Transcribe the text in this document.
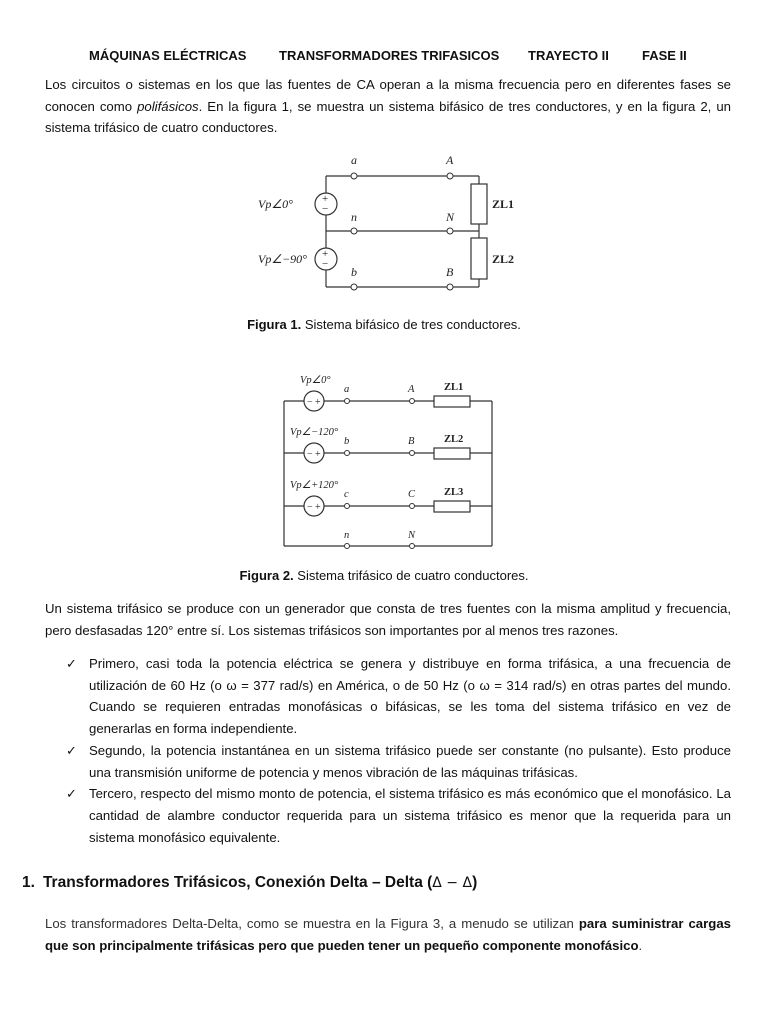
MÁQUINAS ELÉCTRICAS	TRANSFORMADORES TRIFASICOS TRAYECTO II	FASE II
Los circuitos o sistemas en los que las fuentes de CA operan a la misma frecuencia pero en diferentes fases se conocen como polifásicos. En la figura 1, se muestra un sistema bifásico de tres conductores, y en la figura 2, un sistema trifásico de cuatro conductores.
+
−
+
−
Vp∠0°
Vp∠−90°
a
n
b
A
N
B
ZL1
ZL2
Figura 1. Sistema bifásico de tres conductores.
− +
− +
− +
Vp∠0°
Vp∠−120°
Vp∠+120°
a
b
c
n
A
B
C
N
ZL1
ZL2
ZL3
Figura 2. Sistema trifásico de cuatro conductores.
Un sistema trifásico se produce con un generador que consta de tres fuentes con la misma amplitud y frecuencia, pero desfasadas 120° entre sí. Los sistemas trifásicos son importantes por al menos tres razones.
✓ Primero, casi toda la potencia eléctrica se genera y distribuye en forma trifásica, a una frecuencia de utilización de 60 Hz (o ω = 377 rad/s) en América, o de 50 Hz (o ω = 314 rad/s) en otras partes del mundo. Cuando se requieren entradas monofásicas o bifásicas, se les toma del sistema trifásico en vez de generarlas en forma independiente.
✓ Segundo, la potencia instantánea en un sistema trifásico puede ser constante (no pulsante). Esto produce una transmisión uniforme de potencia y menos vibración de las máquinas trifásicas.
✓ Tercero, respecto del mismo monto de potencia, el sistema trifásico es más económico que el monofásico. La cantidad de alambre conductor requerida para un sistema trifásico es menor que la requerida para un sistema monofásico equivalente.
1. Transformadores Trifásicos, Conexión Delta – Delta (Δ − Δ)
Los transformadores Delta-Delta, como se muestra en la Figura 3, a menudo se utilizan para suministrar cargas que son principalmente trifásicas pero que pueden tener un pequeño componente monofásico.
